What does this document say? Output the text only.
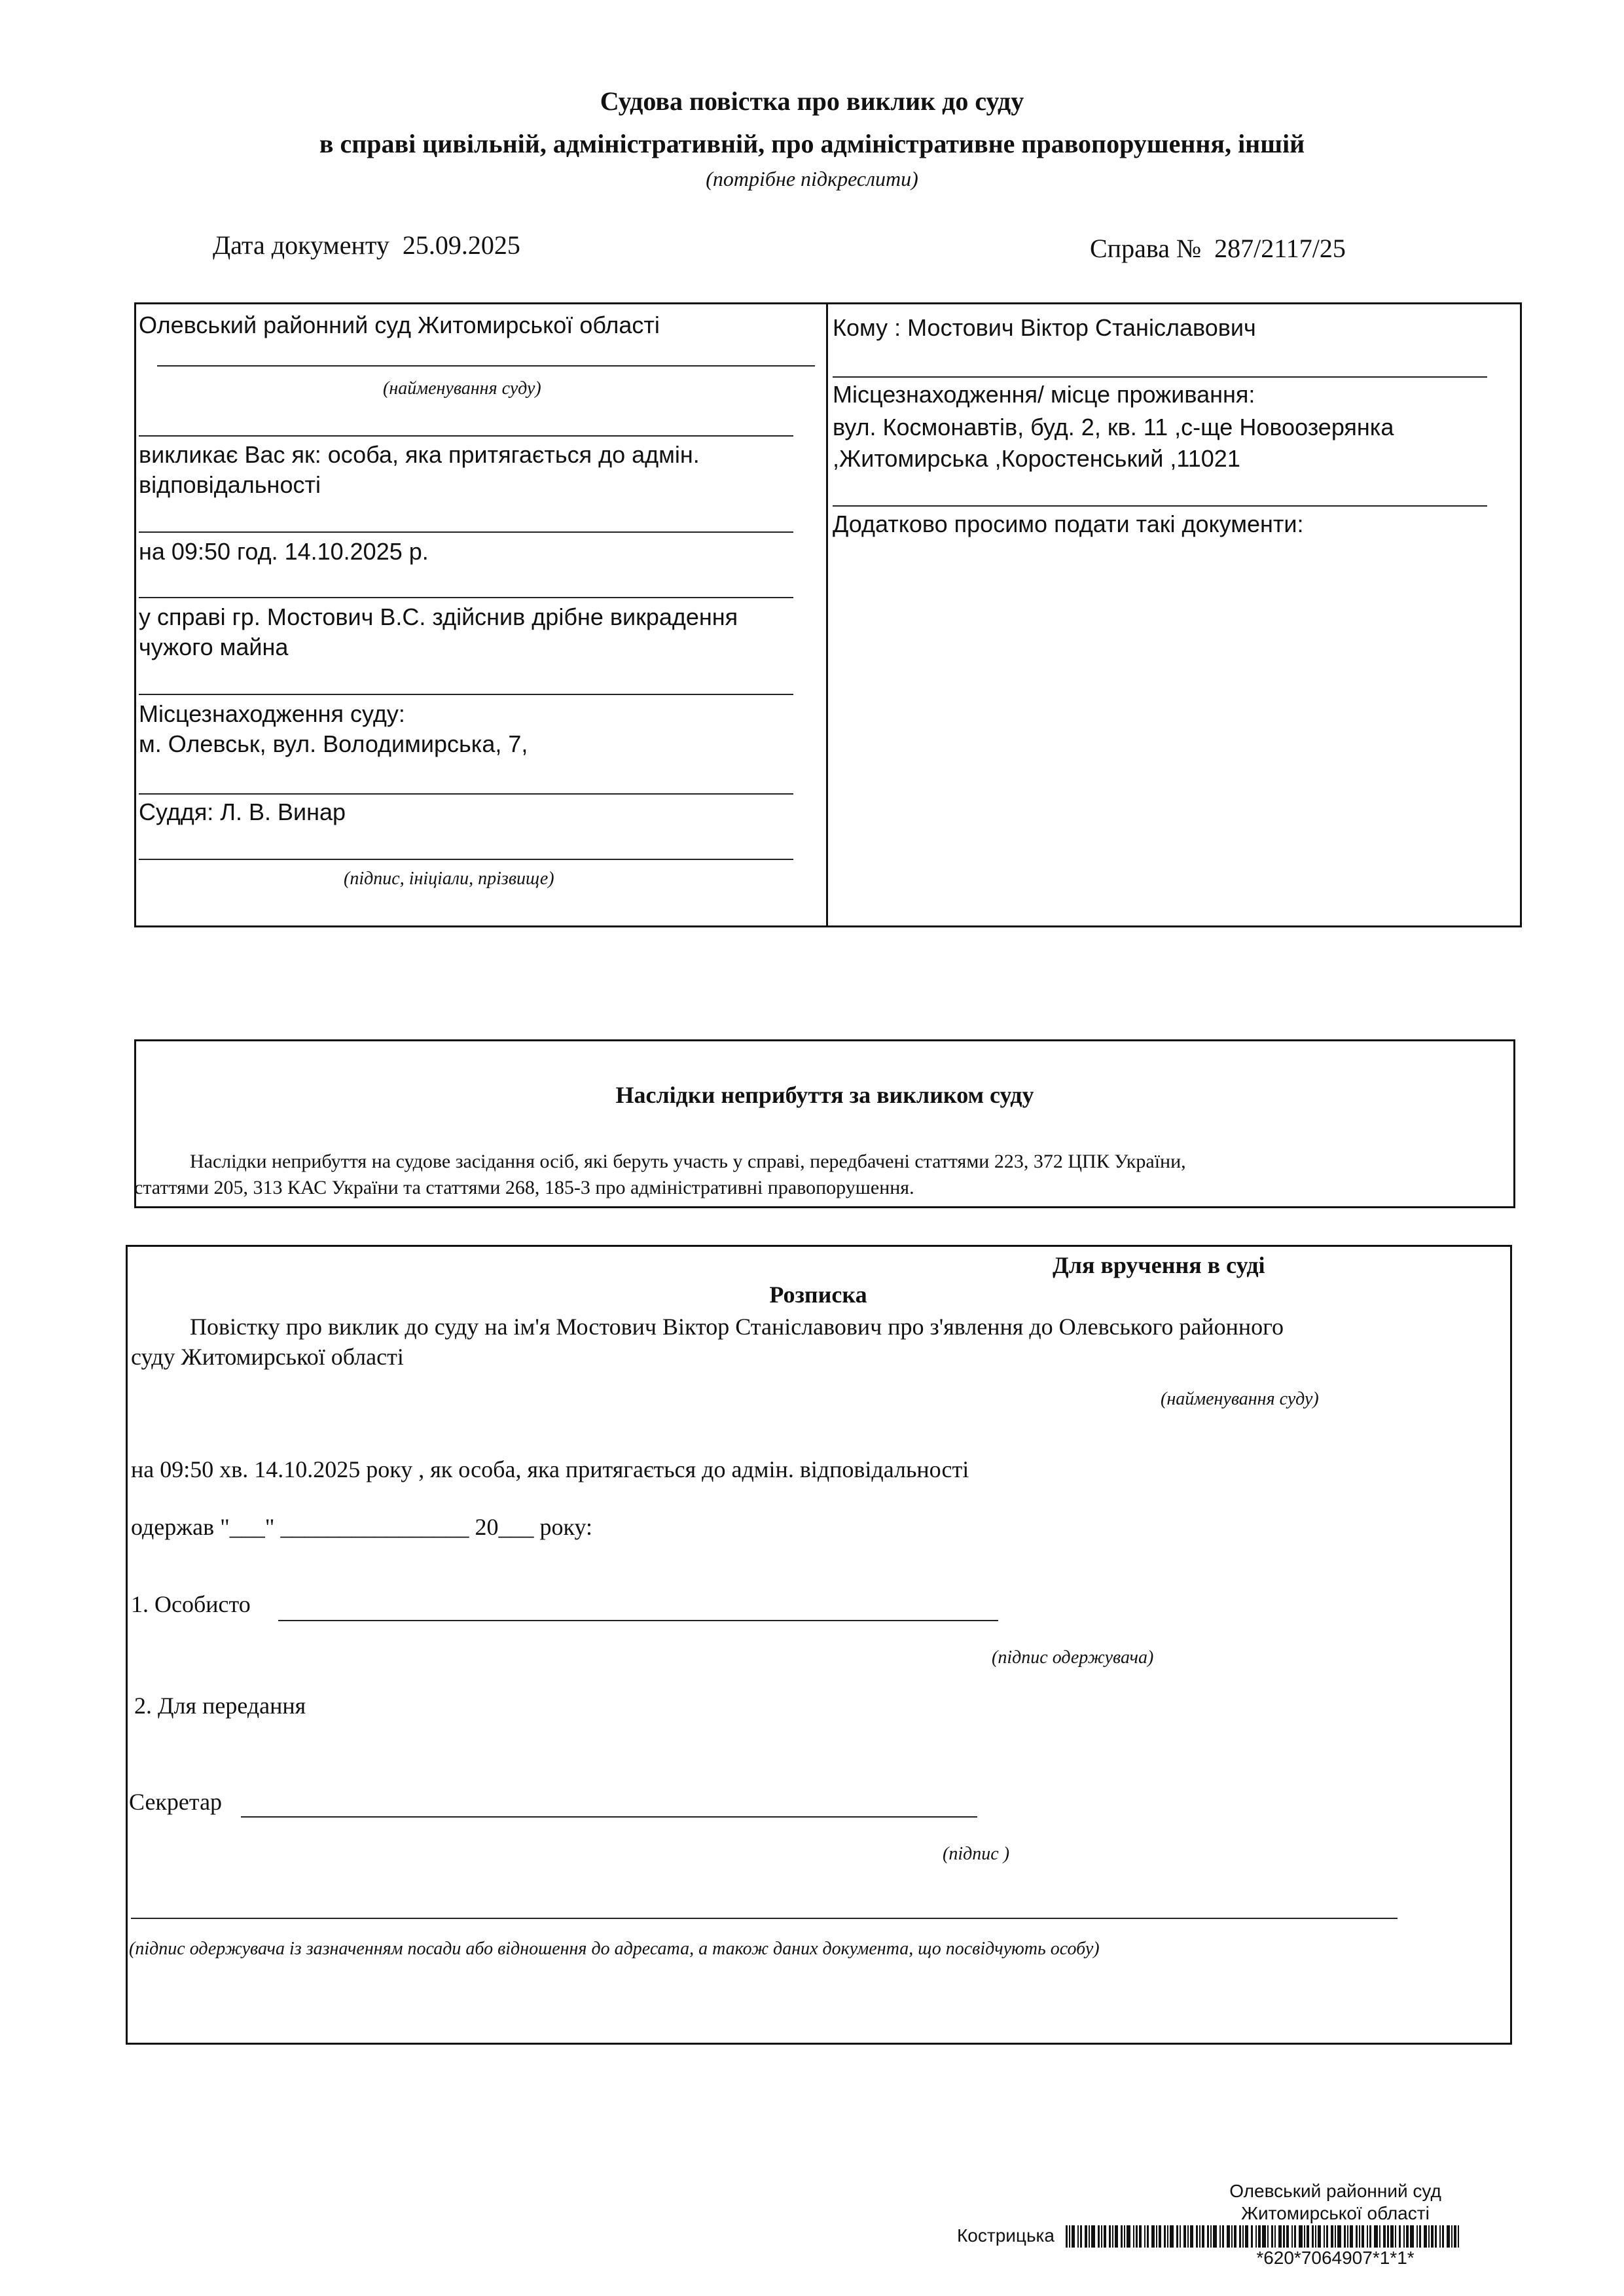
Судова повістка про виклик до суду
в справі цивільній, адміністративній, про адміністративне правопорушення, іншій
(потрібне підкреслити)
Дата документу 25.09.2025	Справа № 287/2117/25
Олевський районний суд Житомирської області
(найменування суду)
викликає Вас як: особа, яка притягається до адмін.
відповідальності
на 09:50 год. 14.10.2025 р.
у справі гр. Мостович В.С. здійснив дрібне викрадення
чужого майна
Місцезнаходження суду:
м. Олевськ, вул. Володимирська, 7,
Суддя: Л. В. Винар
(підпис, ініціали, прізвище)
Кому : Мостович Віктор Станіславович
Місцезнаходження/ місце проживання:
вул. Космонавтів, буд. 2, кв. 11 ,с-ще Новоозерянка
,Житомирська ,Коростенський ,11021
Додатково просимо подати такі документи:
Наслідки неприбуття за викликом суду
Наслідки неприбуття на судове засідання осіб, які беруть участь у справі, передбачені статтями 223, 372 ЦПК України,
статтями 205, 313 КАС України та статтями 268, 185-3 про адміністративні правопорушення.
Для вручення в суді
Розписка
Повістку про виклик до суду на ім'я Мостович Віктор Станіславович про з'явлення до Олевського районного
суду Житомирської області
(найменування суду)
на 09:50 хв. 14.10.2025 року , як особа, яка притягається до адмін. відповідальності
одержав "___" ________________ 20___ року:
1. Особисто
(підпис одержувача)
2. Для передання
Секретар
(підпис )
(підпис одержувача із зазначенням посади або відношення до адресата, а також даних документа, що посвідчують особу)
Олевський районний суд
Житомирської області
Кострицька
*620*7064907*1*1*
